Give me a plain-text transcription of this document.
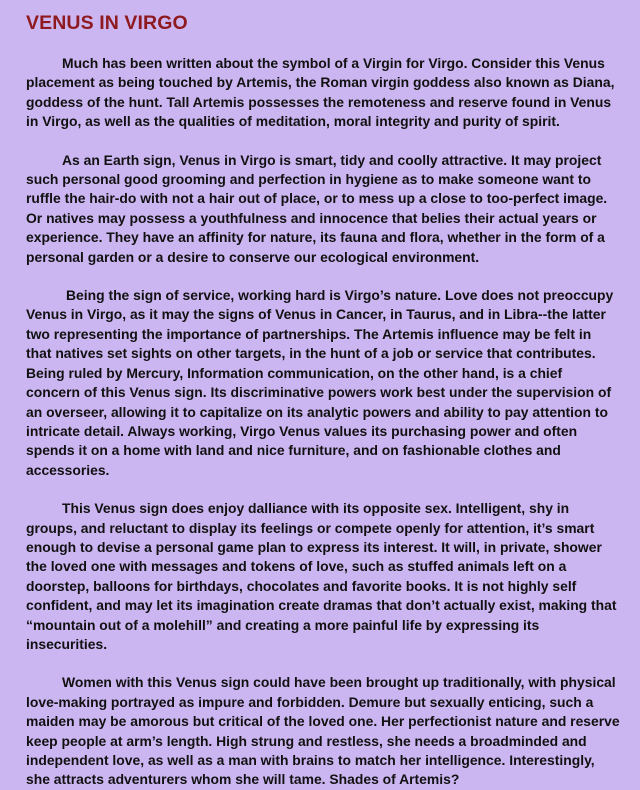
VENUS IN VIRGO

Much has been written about the symbol of a Virgin for Virgo. Consider this Venus placement as being touched by Artemis, the Roman virgin goddess also known as Diana, goddess of the hunt. Tall Artemis possesses the remoteness and reserve found in Venus in Virgo, as well as the qualities of meditation, moral integrity and purity of spirit.

As an Earth sign, Venus in Virgo is smart, tidy and coolly attractive. It may project such personal good grooming and perfection in hygiene as to make someone want to ruffle the hair-do with not a hair out of place, or to mess up a close to too-perfect image. Or natives may possess a youthfulness and innocence that belies their actual years or experience. They have an affinity for nature, its fauna and flora, whether in the form of a personal garden or a desire to conserve our ecological environment.

Being the sign of service, working hard is Virgo’s nature. Love does not preoccupy Venus in Virgo, as it may the signs of Venus in Cancer, in Taurus, and in Libra--the latter two representing the importance of partnerships. The Artemis influence may be felt in that natives set sights on other targets, in the hunt of a job or service that contributes. Being ruled by Mercury, Information communication, on the other hand, is a chief concern of this Venus sign. Its discriminative powers work best under the supervision of an overseer, allowing it to capitalize on its analytic powers and ability to pay attention to intricate detail. Always working, Virgo Venus values its purchasing power and often spends it on a home with land and nice furniture, and on fashionable clothes and accessories.

This Venus sign does enjoy dalliance with its opposite sex. Intelligent, shy in groups, and reluctant to display its feelings or compete openly for attention, it’s smart enough to devise a personal game plan to express its interest. It will, in private, shower the loved one with messages and tokens of love, such as stuffed animals left on a doorstep, balloons for birthdays, chocolates and favorite books. It is not highly self confident, and may let its imagination create dramas that don’t actually exist, making that “mountain out of a molehill” and creating a more painful life by expressing its insecurities.

Women with this Venus sign could have been brought up traditionally, with physical love-making portrayed as impure and forbidden. Demure but sexually enticing, such a maiden may be amorous but critical of the loved one. Her perfectionist nature and reserve keep people at arm’s length. High strung and restless, she needs a broadminded and independent love, as well as a man with brains to match her intelligence. Interestingly, she attracts adventurers whom she will tame. Shades of Artemis?
